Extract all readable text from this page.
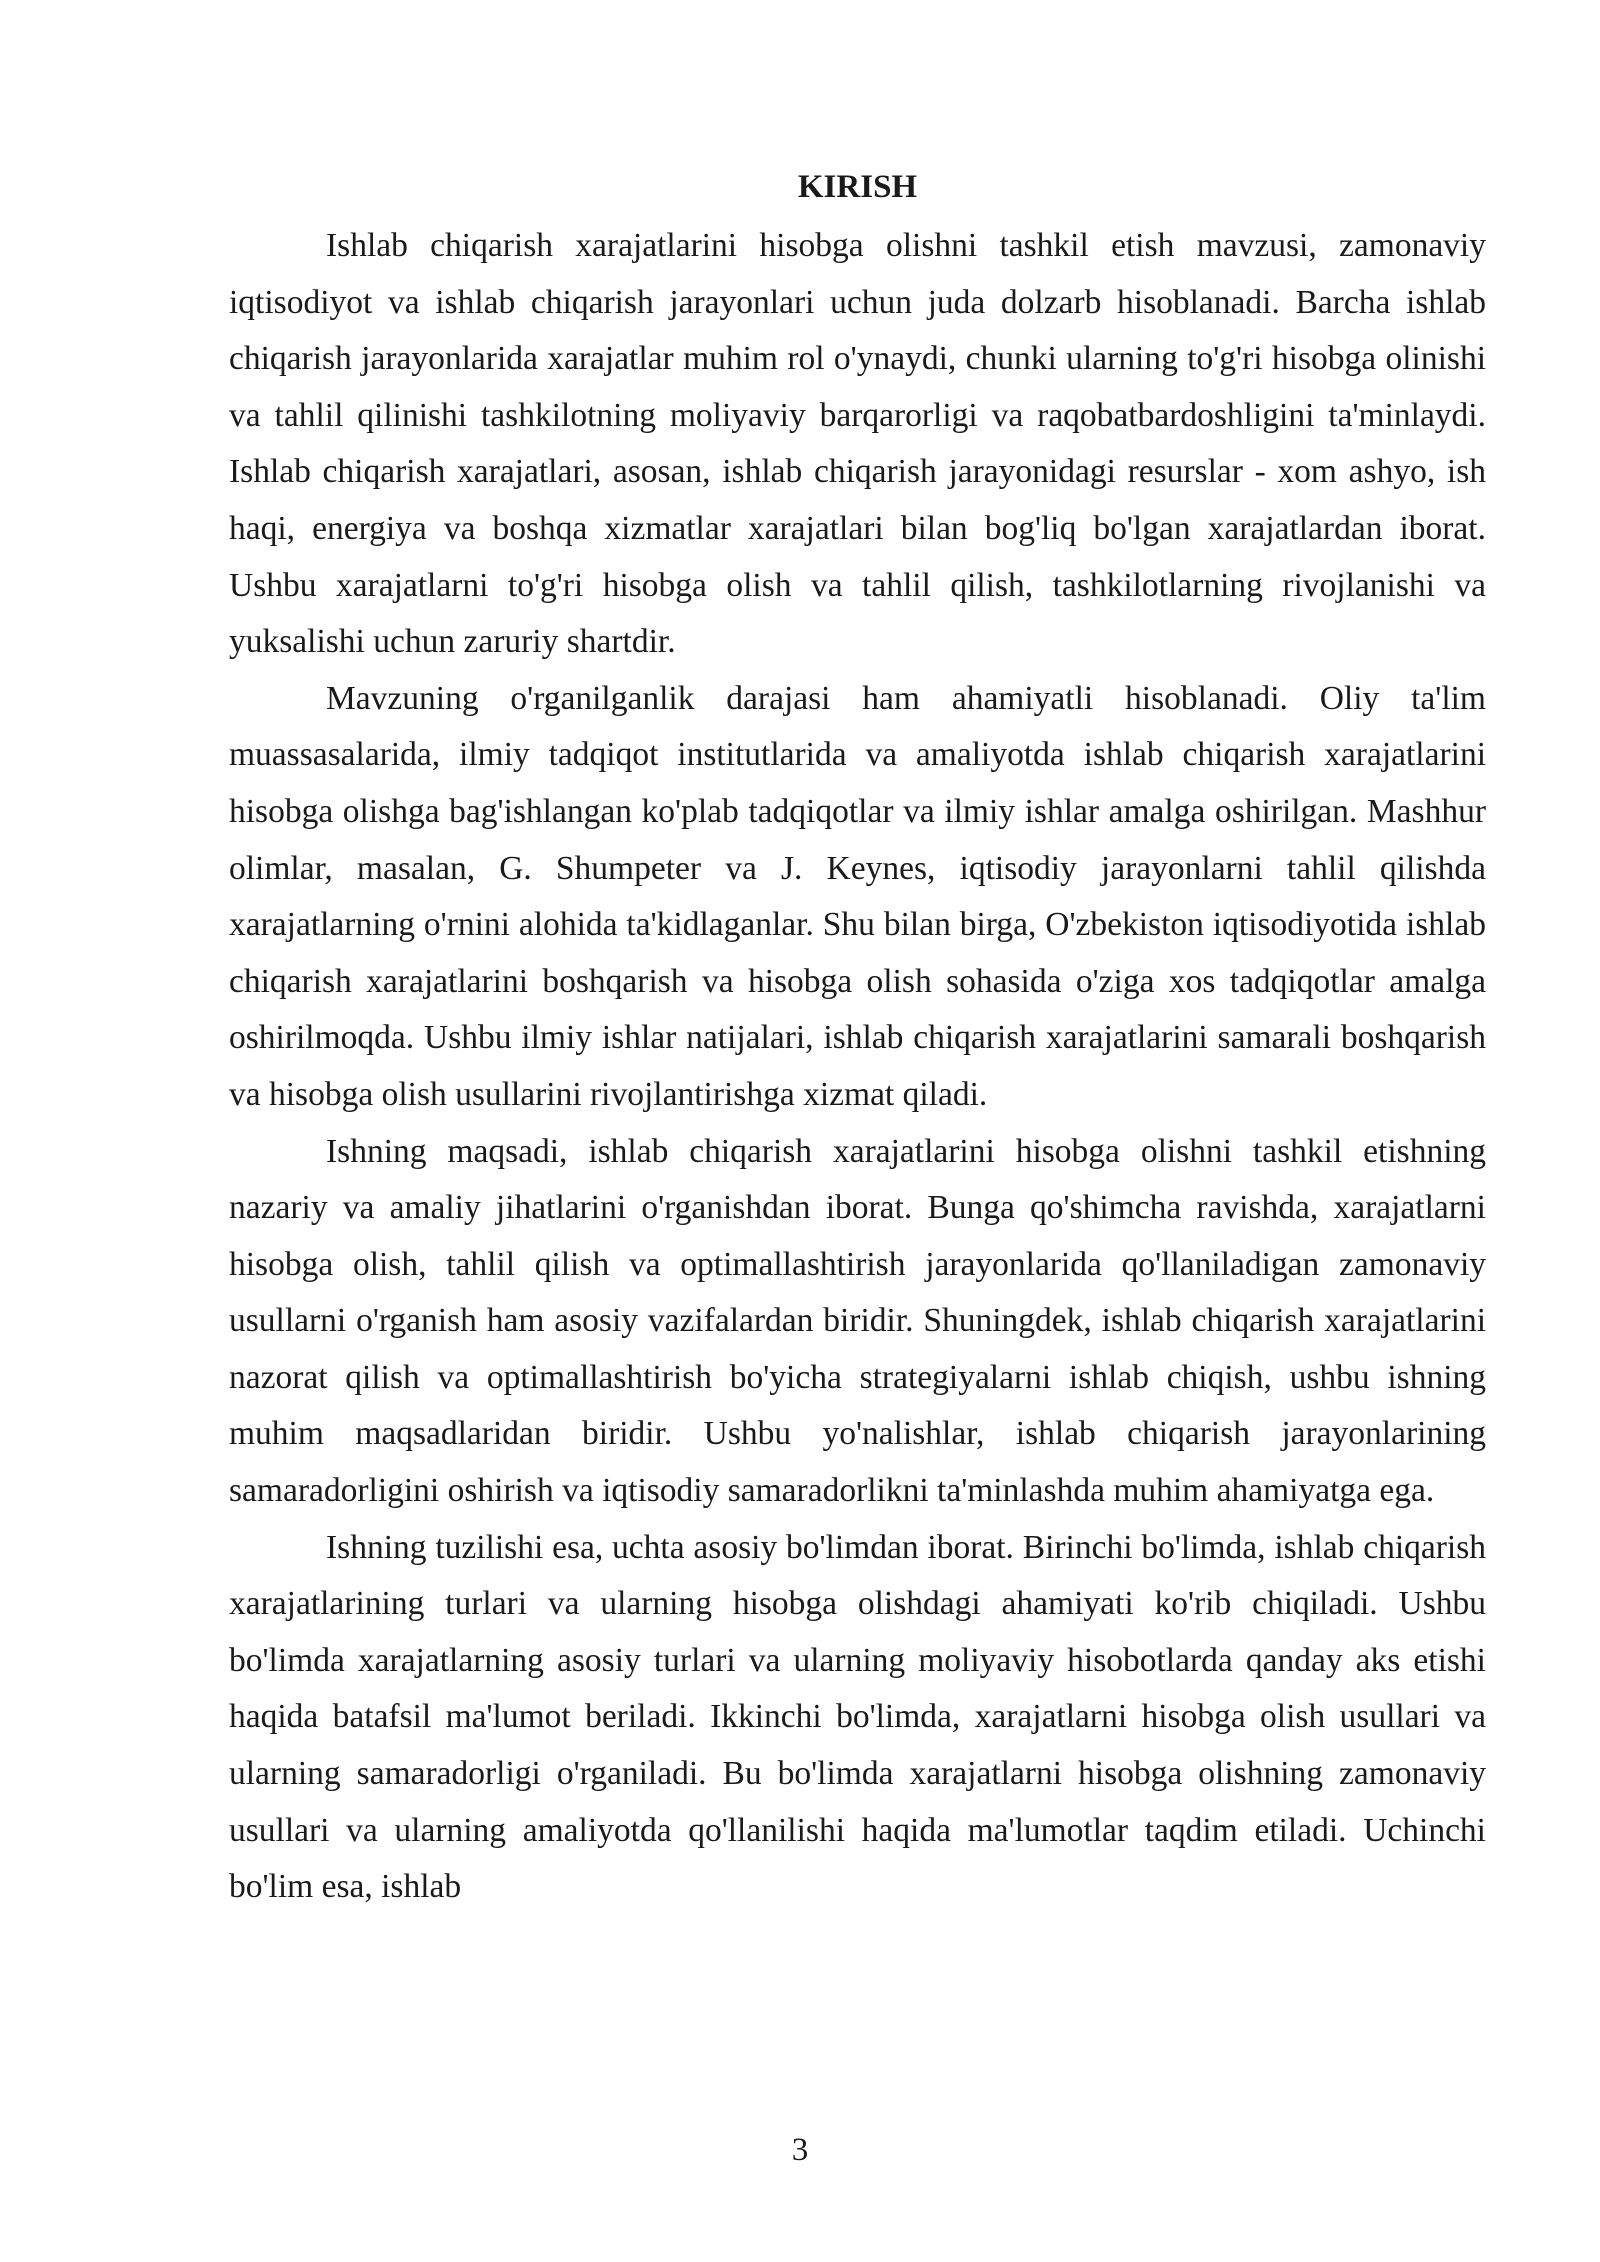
KIRISH

Ishlab chiqarish xarajatlarini hisobga olishni tashkil etish mavzusi, zamonaviy iqtisodiyot va ishlab chiqarish jarayonlari uchun juda dolzarb hisoblanadi. Barcha ishlab chiqarish jarayonlarida xarajatlar muhim rol o'ynaydi, chunki ularning to'g'ri hisobga olinishi va tahlil qilinishi tashkilotning moliyaviy barqarorligi va raqobatbardoshligini ta'minlaydi. Ishlab chiqarish xarajatlari, asosan, ishlab chiqarish jarayonidagi resurslar - xom ashyo, ish haqi, energiya va boshqa xizmatlar xarajatlari bilan bog'liq bo'lgan xarajatlardan iborat. Ushbu xarajatlarni to'g'ri hisobga olish va tahlil qilish, tashkilotlarning rivojlanishi va yuksalishi uchun zaruriy shartdir.

Mavzuning o'rganilganlik darajasi ham ahamiyatli hisoblanadi. Oliy ta'lim muassasalarida, ilmiy tadqiqot institutlarida va amaliyotda ishlab chiqarish xarajatlarini hisobga olishga bag'ishlangan ko'plab tadqiqotlar va ilmiy ishlar amalga oshirilgan. Mashhur olimlar, masalan, G. Shumpeter va J. Keynes, iqtisodiy jarayonlarni tahlil qilishda xarajatlarning o'rnini alohida ta'kidlaganlar. Shu bilan birga, O'zbekiston iqtisodiyotida ishlab chiqarish xarajatlarini boshqarish va hisobga olish sohasida o'ziga xos tadqiqotlar amalga oshirilmoqda. Ushbu ilmiy ishlar natijalari, ishlab chiqarish xarajatlarini samarali boshqarish va hisobga olish usullarini rivojlantirishga xizmat qiladi.

Ishning maqsadi, ishlab chiqarish xarajatlarini hisobga olishni tashkil etishning nazariy va amaliy jihatlarini o'rganishdan iborat. Bunga qo'shimcha ravishda, xarajatlarni hisobga olish, tahlil qilish va optimallashtirish jarayonlarida qo'llaniladigan zamonaviy usullarni o'rganish ham asosiy vazifalardan biridir. Shuningdek, ishlab chiqarish xarajatlarini nazorat qilish va optimallashtirish bo'yicha strategiyalarni ishlab chiqish, ushbu ishning muhim maqsadlaridan biridir. Ushbu yo'nalishlar, ishlab chiqarish jarayonlarining samaradorligini oshirish va iqtisodiy samaradorlikni ta'minlashda muhim ahamiyatga ega.

Ishning tuzilishi esa, uchta asosiy bo'limdan iborat. Birinchi bo'limda, ishlab chiqarish xarajatlarining turlari va ularning hisobga olishdagi ahamiyati ko'rib chiqiladi. Ushbu bo'limda xarajatlarning asosiy turlari va ularning moliyaviy hisobotlarda qanday aks etishi haqida batafsil ma'lumot beriladi. Ikkinchi bo'limda, xarajatlarni hisobga olish usullari va ularning samaradorligi o'rganiladi. Bu bo'limda xarajatlarni hisobga olishning zamonaviy usullari va ularning amaliyotda qo'llanilishi haqida ma'lumotlar taqdim etiladi. Uchinchi bo'lim esa, ishlab

3
